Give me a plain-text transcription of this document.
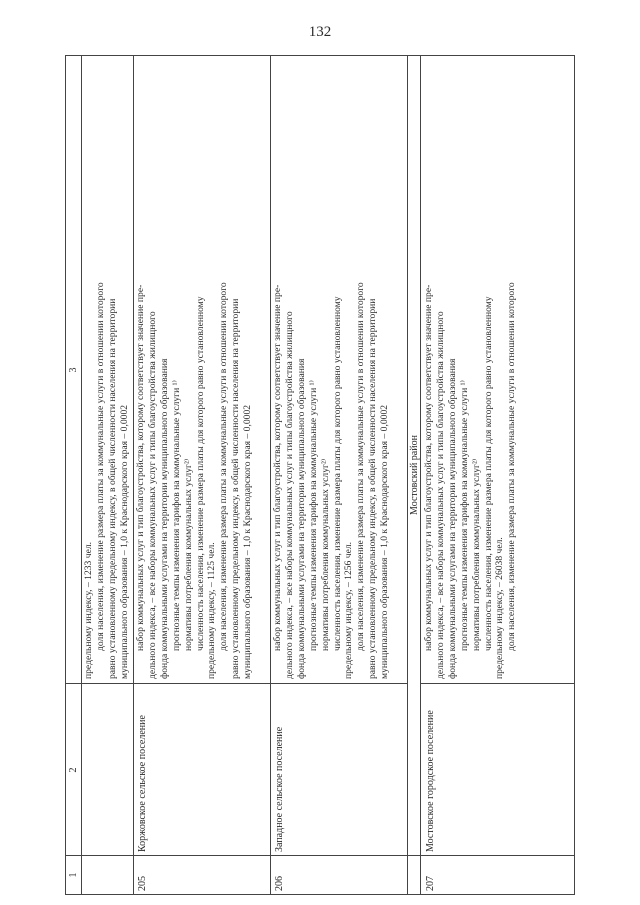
132
1
2
3

предельному индексу, – 1233 чел. доля населения, изменение размера платы за коммунальные услуги в отношении которого равно установленному предельному индексу, в общей численности населения на территории муниципального образования – 1,0 к Краснодарского края – 0,0002

205
Коржовское сельское поселение

набор коммунальных услуг и тип благоустройства, которому соответствует значение пре- дельного индекса, – все наборы коммунальных услуг и типы благоустройства жилищного фонда коммунальными услугами на территории муниципального образования прогнозные темпы изменения тарифов на коммунальные услуги ¹⁾ нормативы потребления коммунальных услуг²⁾ численность населения, изменение размера платы для которого равно установленному предельному индексу, – 1125 чел. доля населения, изменение размера платы за коммунальные услуги в отношении которого равно установленному предельному индексу, в общей численности населения на территории муниципального образования – 1,0 к Краснодарского края – 0,0002

206
Западное сельское поселение

набор коммунальных услуг и тип благоустройства, которому соответствует значение пре- дельного индекса, – все наборы коммунальных услуг и типы благоустройства жилищного фонда коммунальными услугами на территории муниципального образования прогнозные темпы изменения тарифов на коммунальные услуги ¹⁾ нормативы потребления коммунальных услуг²⁾ численность населения, изменение размера платы для которого равно установленному предельному индексу, – 1256 чел. доля населения, изменение размера платы за коммунальные услуги в отношении которого равно установленному предельному индексу, в общей численности населения на территории муниципального образования – 1,0 к Краснодарского края – 0,0002 Мостовский район
207
Мостовское городское поселение

набор коммунальных услуг и тип благоустройства, которому соответствует значение пре- дельного индекса, – все наборы коммунальных услуг и типы благоустройства жилищного фонда коммунальными услугами на территории муниципального образования прогнозные темпы изменения тарифов на коммунальные услуги ¹⁾ нормативы потребления коммунальных услуг²⁾ численность населения, изменение размера платы для которого равно установленному предельному индексу, – 26038 чел. доля населения, изменение размера платы за коммунальные услуги в отношении которого
